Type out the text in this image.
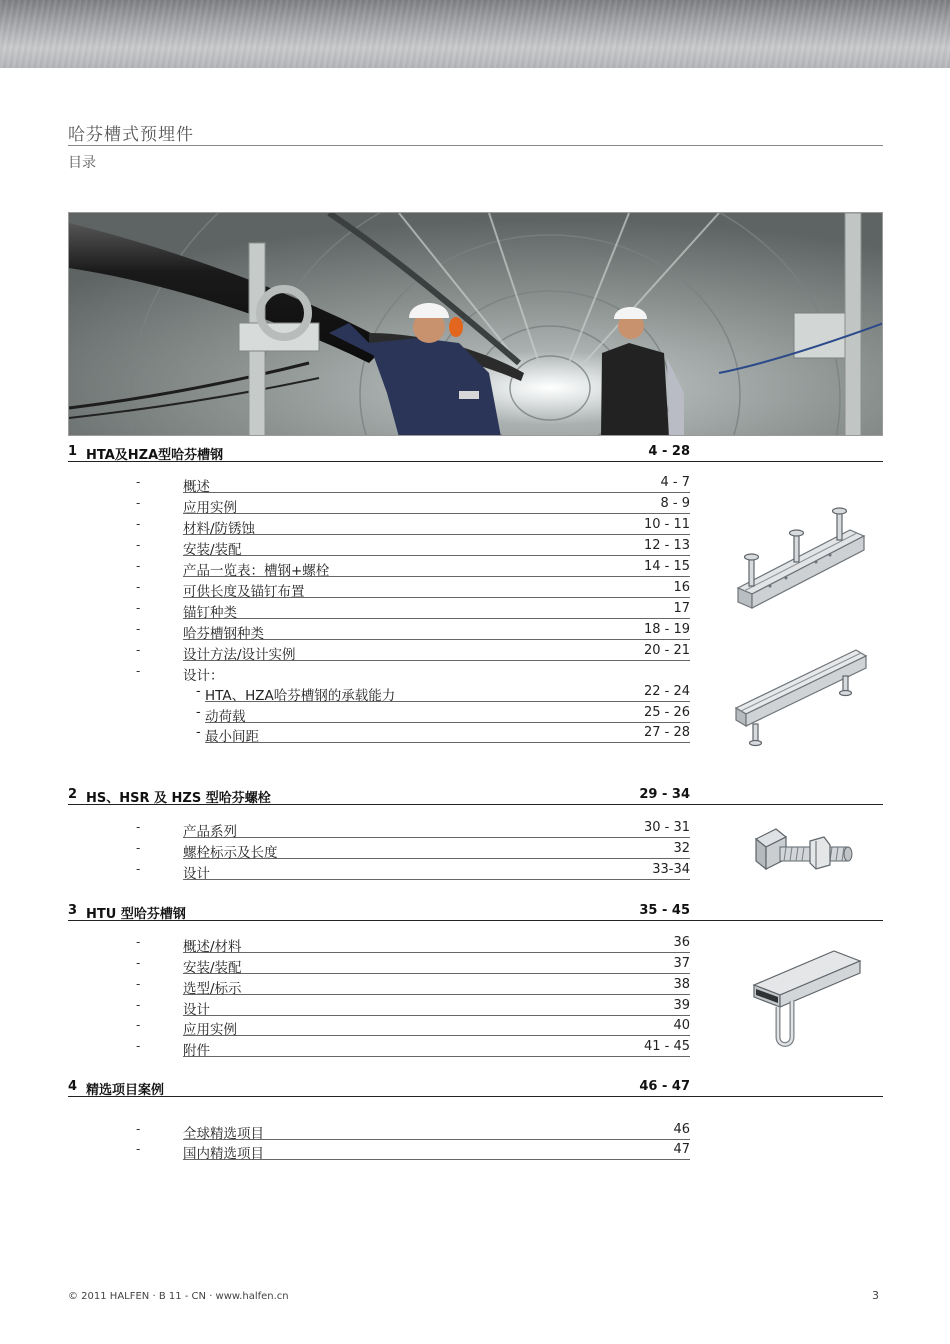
哈芬槽式预埋件
目录
1 HTA及HZA型哈芬槽钢	4 - 28
-	概述	4 - 7
-	应用实例	8 - 9
-	材料/防锈蚀	10 - 11
-	安装/装配	12 - 13
-	产品一览表：槽钢+螺栓	14 - 15
-	可供长度及锚钉布置	16
-	锚钉种类	17
-	哈芬槽钢种类	18 - 19
-	设计方法/设计实例	20 - 21
-	设计：
- HTA、HZA哈芬槽钢的承载能力	22 - 24
- 动荷载	25 - 26
- 最小间距	27 - 28
2 HS、HSR 及 HZS 型哈芬螺栓	29 - 34
-	产品系列	30 - 31
-	螺栓标示及长度	32
-	设计	33-34
3 HTU 型哈芬槽钢	35 - 45
-	概述/材料	36
-	安装/装配	37
-	选型/标示	38
-	设计	39
-	应用实例	40
-	附件	41 - 45
4 精选项目案例	46 - 47
-	全球精选项目	46
-	国内精选项目	47
© 2011 HALFEN · B 11 - CN · www.halfen.cn	3
